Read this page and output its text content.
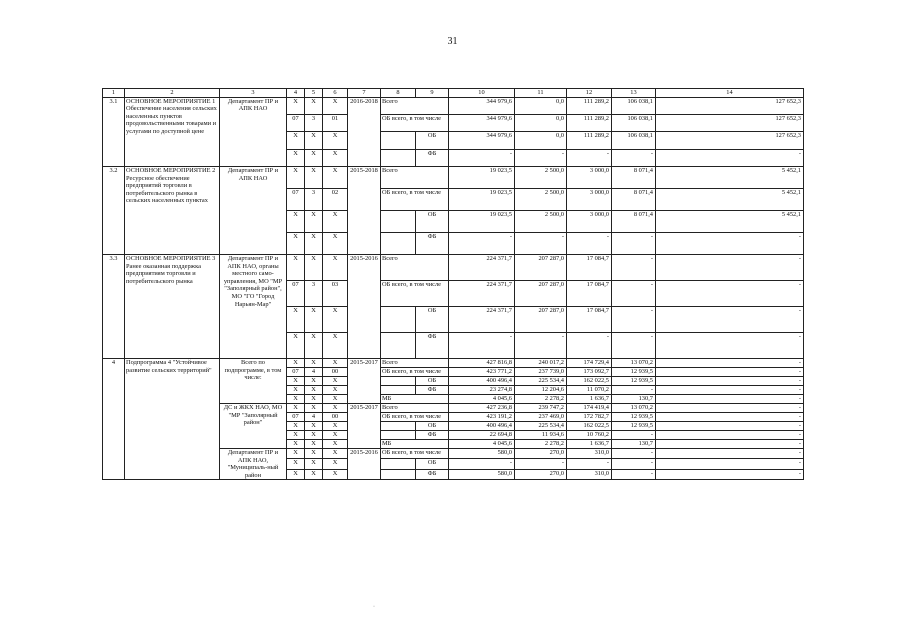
31
1	2	3	4	5	6	7	8	9	10	11	12	13	14	
3.1	ОСНОВНОЕ МЕРОПРИЯТИЕ 1 Обеспечение населения сельских населенных пунктов продовольственными товарами и услугами по доступной цене	Департамент ПР и АПК НАО	Х	Х	Х	2016-2018	Всего		344 979,6	0,0	111 289,2	106 038,1	127 652,3	
			07	3	01		ОБ всего, в том числе		344 979,6	0,0	111 289,2	106 038,1	127 652,3	
			Х	Х	Х			ОБ	344 979,6	0,0	111 289,2	106 038,1	127 652,3	
			Х	Х	Х			ФБ	-	-	-	-	-	
3.2	ОСНОВНОЕ МЕРОПРИЯТИЕ 2 Ресурсное обеспечение предприятий торговли в потребительского рынка в сельских населенных пунктах	Департамент ПР и АПК НАО	Х	Х	Х	2015-2018	Всего		19 023,5	2 500,0	3 000,0	8 071,4	5 452,1	
			07	3	02		ОБ всего, в том числе		19 023,5	2 500,0	3 000,0	8 071,4	5 452,1	
			Х	Х	Х			ОБ	19 023,5	2 500,0	3 000,0	8 071,4	5 452,1	
			Х	Х	Х			ФБ	-	-	-	-	-	
3.3	ОСНОВНОЕ МЕРОПРИЯТИЕ 3 Ранее оказанная поддержка предприятиям торговли и потребительского рынка	Департамент ПР и АПК НАО, органы местного само-управления, МО "МР "Заполярный район", МО "ГО "Город Нарьян-Мар"	Х	Х	Х	2015-2016	Всего		224 371,7	207 287,0	17 084,7	-	-	
			07	3	03		ОБ всего, в том числе		224 371,7	207 287,0	17 084,7	-	-	
			Х	Х	Х			ОБ	224 371,7	207 287,0	17 084,7	-	-	
			Х	Х	Х			ФБ	-	-	-	-	-	
4	Подпрограмма 4 "Устойчивое развитие сельских территорий"	Всего по подпрограмме, в том числе:	Х	Х	Х	2015-2017	Всего		427 816,8	240 017,2	174 729,4	13 070,2	-	
			07	4	00		ОБ всего, в том числе		423 771,2	237 739,0	173 092,7	12 939,5	-	
			Х	Х	Х			ОБ	400 496,4	225 534,4	162 022,5	12 939,5	-	
			Х	Х	Х			ФБ	23 274,8	12 204,6	11 070,2	-	-	
			Х	Х	Х		МБ		4 045,6	2 278,2	1 636,7	130,7	-	
		ДС и ЖКХ НАО, МО "МР "Заполярный район"	Х	Х	Х	2015-2017	Всего		427 236,8	239 747,2	174 419,4	13 070,2	-	
			07	4	00		ОБ всего, в том числе		423 191,2	237 469,0	172 782,7	12 939,5	-	
			Х	Х	Х			ОБ	400 496,4	225 534,4	162 022,5	12 939,5	-	
			Х	Х	Х			ФБ	22 694,8	11 934,6	10 760,2	-	-	
			Х	Х	Х		МБ		4 045,6	2 278,2	1 636,7	130,7	-	
		Департамент ПР и АПК НАО, "Муниципаль-ный район	Х	Х	Х	2015-2016	ОБ всего, в том числе		580,0	270,0	310,0	-	-	
			Х	Х	Х			ОБ	-	-	-	-	-	
			Х	Х	Х			ФБ	580,0	270,0	310,0	-	-	
·
